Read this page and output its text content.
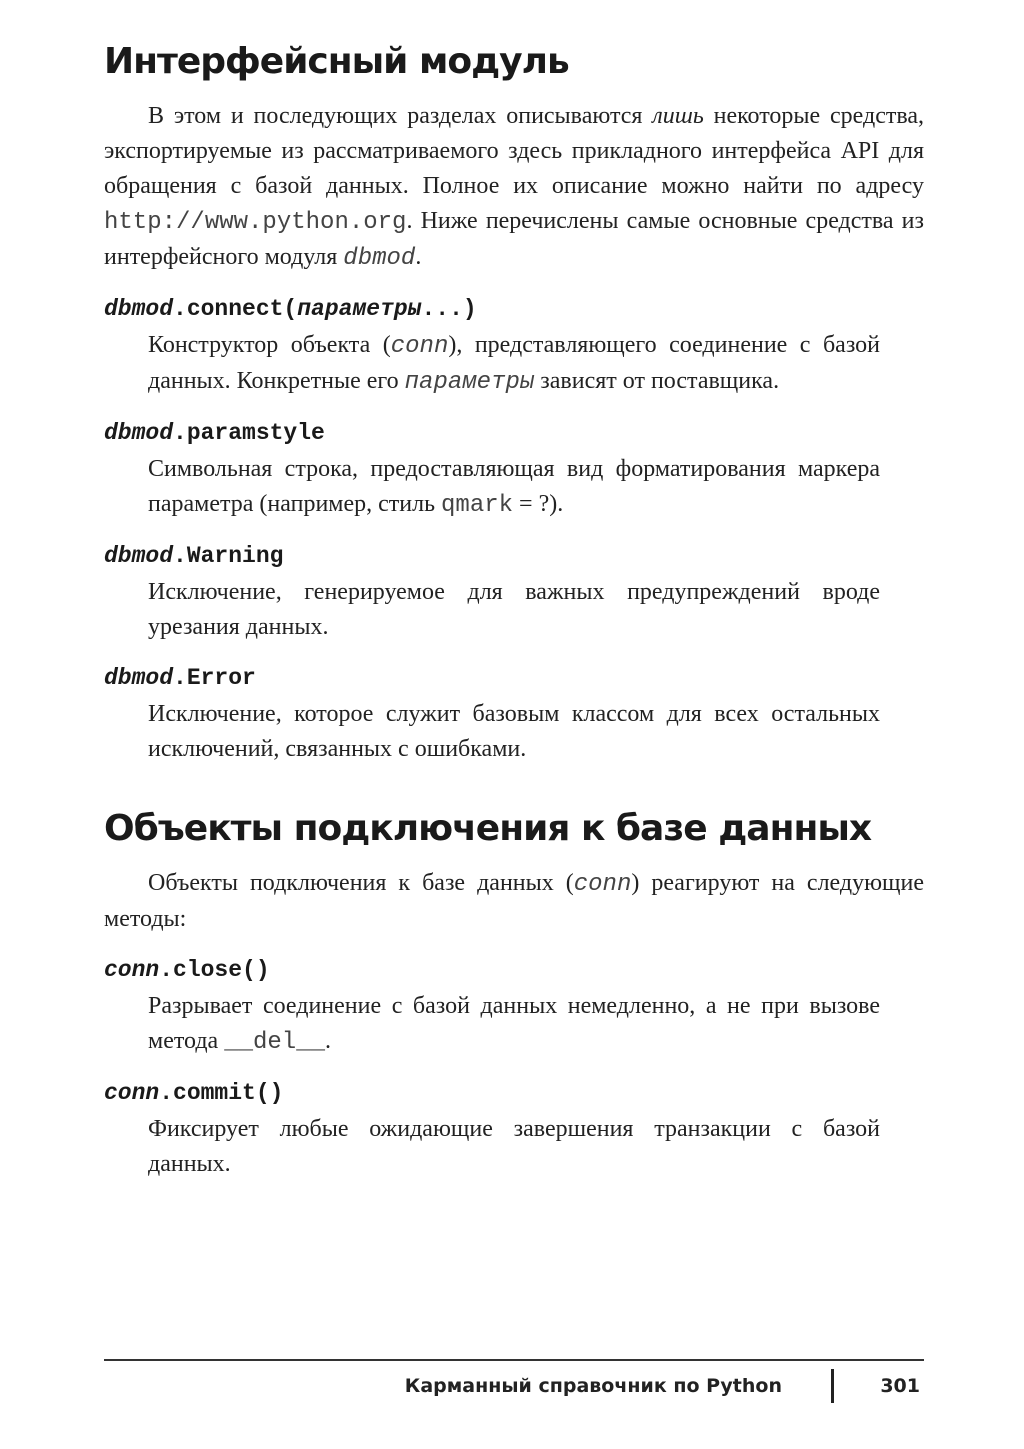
Интерфейсный модуль

В этом и последующих разделах описываются лишь некоторые средства, экспортируемые из рассматриваемого здесь прикладного интерфейса API для обращения с базой данных. Полное их описание можно найти по адресу http://www.python.org. Ниже перечислены самые основные средства из интерфейсного модуля dbmod.

dbmod.connect(параметры...)

Конструктор объекта (conn), представляющего соединение с базой данных. Конкретные его параметры зависят от поставщика.

dbmod.paramstyle

Символьная строка, предоставляющая вид форматирования маркера параметра (например, стиль qmark = ?).

dbmod.Warning

Исключение, генерируемое для важных предупреждений вроде урезания данных.

dbmod.Error

Исключение, которое служит базовым классом для всех остальных исключений, связанных с ошибками.

Объекты подключения к базе данных

Объекты подключения к базе данных (conn) реагируют на следующие методы:

conn.close()

Разрывает соединение с базой данных немедленно, а не при вызове метода __del__.

conn.commit()

Фиксирует любые ожидающие завершения транзакции с базой данных.

Карманный справочник по Python	301
